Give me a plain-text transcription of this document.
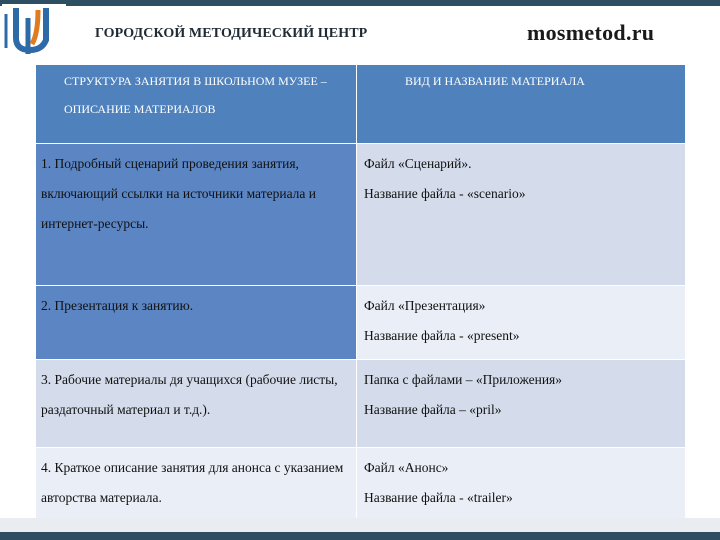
ГОРОДСКОЙ МЕТОДИЧЕСКИЙ ЦЕНТР	mosmetod.ru
СТРУКТУРА ЗАНЯТИЯ В ШКОЛЬНОМ МУЗЕЕ – ОПИСАНИЕ МАТЕРИАЛОВ	ВИД И НАЗВАНИЕ МАТЕРИАЛА

1. Подробный сценарий проведения занятия, включающий ссылки на источники материала и интернет-ресурсы.	Файл «Сценарий».
Название файла - «scenario»

2. Презентация к занятию.	Файл «Презентация»
Название файла - «present»

3. Рабочие материалы дя учащихся (рабочие листы, раздаточный материал и т.д.).	Папка с файлами – «Приложения»
Название файла – «pril»

4. Краткое описание занятия для анонса с указанием авторства материала.	Файл «Анонс»
Название файла - «trailer»
